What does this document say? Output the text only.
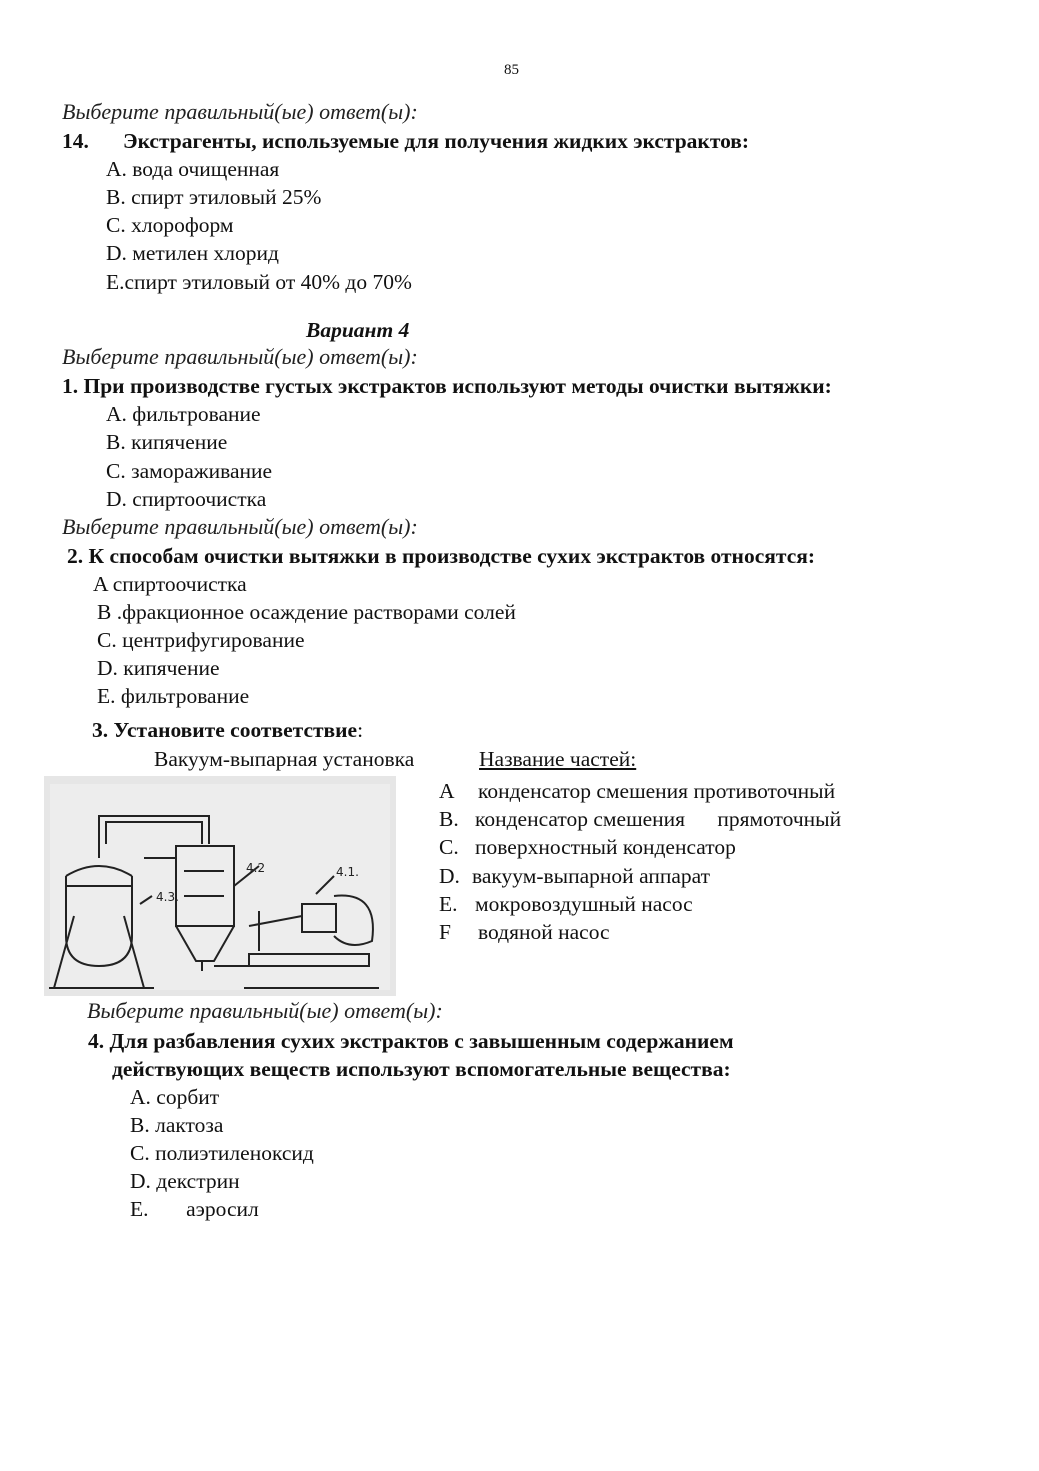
85
Выберите правильный(ые) ответ(ы):
14. Экстрагенты, используемые для получения жидких экстрактов:
A. вода очищенная
B. спирт этиловый 25%
C. хлороформ
D. метилен хлорид
E.спирт этиловый от 40% до 70%
Вариант 4
Выберите правильный(ые) ответ(ы):
1. При производстве густых экстрактов используют методы очистки вытяжки:
A. фильтрование
B. кипячение
C. замораживание
D. спиртоочистка
Выберите правильный(ые) ответ(ы):
2. К способам очистки вытяжки в производстве сухих экстрактов относятся:
A спиртоочистка
B .фракционное осаждение растворами солей
C. центрифугирование
D. кипячение
E. фильтрование
3. Установите соответствие:
Вакуум-выпарная установка	Название частей:
4.3.
4.2	4.1.
A конденсатор смешения противоточный
B. конденсатор смешения      прямоточный
C. поверхностный конденсатор
D. вакуум-выпарной аппарат
E. мокровоздушный насос
F водяной насос
Выберите правильный(ые) ответ(ы):
4. Для разбавления сухих экстрактов с завышенным содержанием
действующих веществ используют вспомогательные вещества:
A. сорбит
B. лактоза
C. полиэтиленоксид
D. декстрин
E.       аэросил
